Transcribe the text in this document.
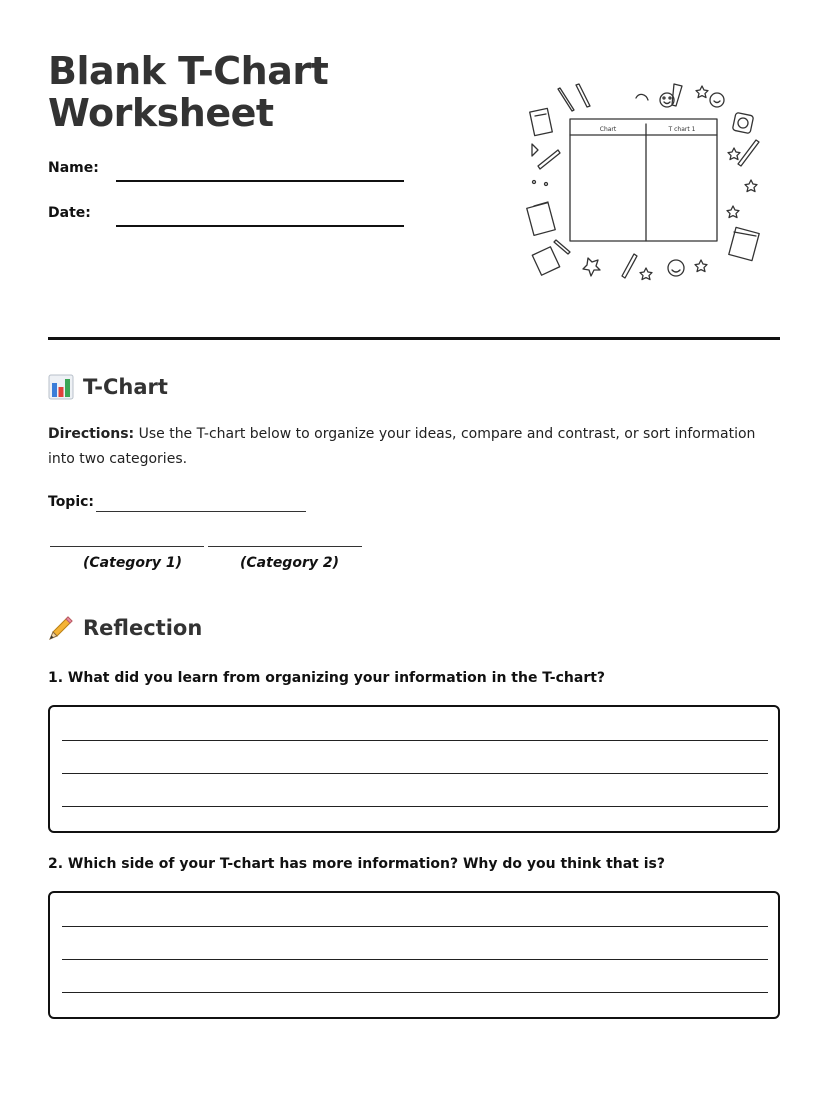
Blank T-Chart
Worksheet
Name:
Date:
Chart	T chart 1
T-Chart
Directions: Use the T-chart below to organize your ideas, compare and contrast, or sort information into two categories.
Topic:
(Category 1)	(Category 2)
Reflection
1. What did you learn from organizing your information in the T-chart?
2. Which side of your T-chart has more information? Why do you think that is?
